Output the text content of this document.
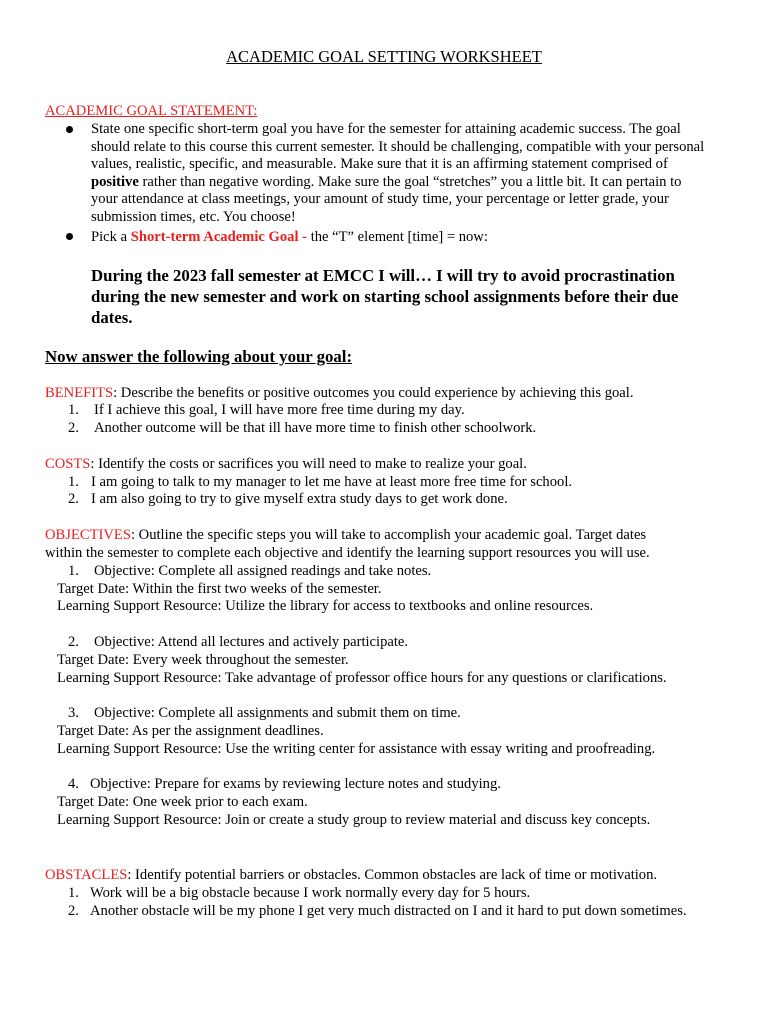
ACADEMIC GOAL SETTING WORKSHEET
ACADEMIC GOAL STATEMENT:
State one specific short-term goal you have for the semester for attaining academic success. The goal should relate to this course this current semester. It should be challenging, compatible with your personal values, realistic, specific, and measurable. Make sure that it is an affirming statement comprised of positive rather than negative wording. Make sure the goal “stretches” you a little bit. It can pertain to your attendance at class meetings, your amount of study time, your percentage or letter grade, your submission times, etc. You choose!
Pick a Short-term Academic Goal - the “T” element [time] = now:
During the 2023 fall semester at EMCC I will… I will try to avoid procrastination during the new semester and work on starting school assignments before their due dates.
Now answer the following about your goal:
BENEFITS: Describe the benefits or positive outcomes you could experience by achieving this goal.
1. If I achieve this goal, I will have more free time during my day.
2. Another outcome will be that ill have more time to finish other schoolwork.
COSTS: Identify the costs or sacrifices you will need to make to realize your goal.
1. I am going to talk to my manager to let me have at least more free time for school.
2. I am also going to try to give myself extra study days to get work done.
OBJECTIVES: Outline the specific steps you will take to accomplish your academic goal. Target dates
within the semester to complete each objective and identify the learning support resources you will use.
1. Objective: Complete all assigned readings and take notes.
Target Date: Within the first two weeks of the semester.
Learning Support Resource: Utilize the library for access to textbooks and online resources.
2. Objective: Attend all lectures and actively participate.
Target Date: Every week throughout the semester.
Learning Support Resource: Take advantage of professor office hours for any questions or clarifications.
3. Objective: Complete all assignments and submit them on time.
Target Date: As per the assignment deadlines.
Learning Support Resource: Use the writing center for assistance with essay writing and proofreading.
4. Objective: Prepare for exams by reviewing lecture notes and studying.
Target Date: One week prior to each exam.
Learning Support Resource: Join or create a study group to review material and discuss key concepts.
OBSTACLES: Identify potential barriers or obstacles. Common obstacles are lack of time or motivation.
1. Work will be a big obstacle because I work normally every day for 5 hours.
2. Another obstacle will be my phone I get very much distracted on I and it hard to put down sometimes.
